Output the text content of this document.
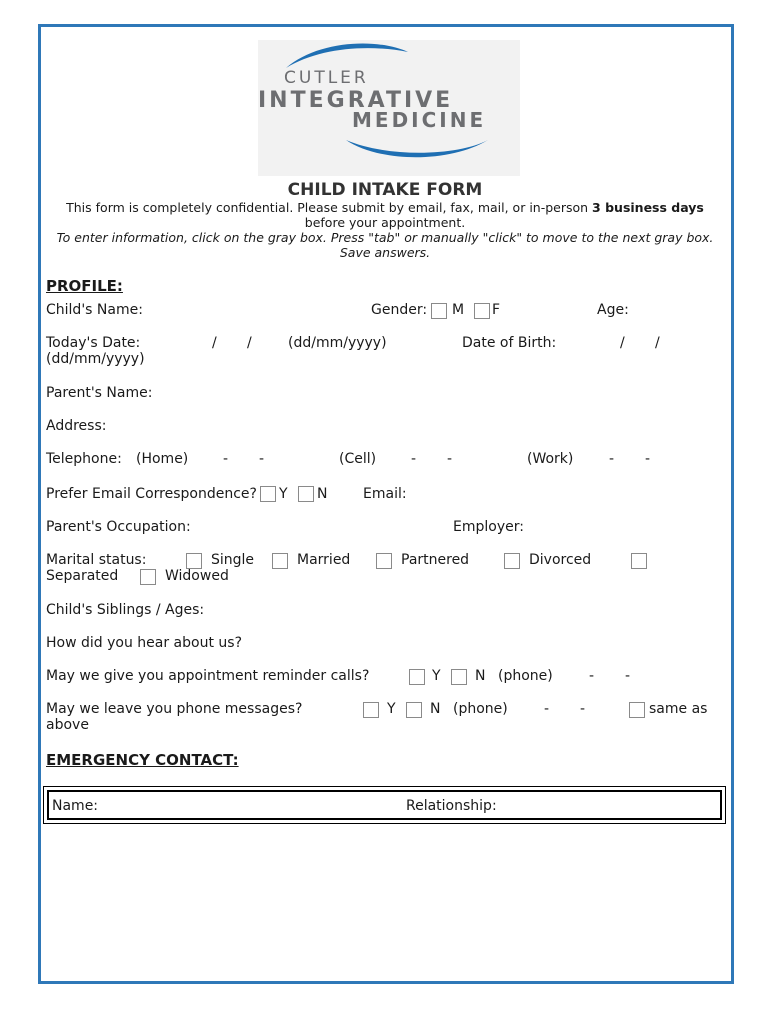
CUTLER
INTEGRATIVE
MEDICINE
CHILD INTAKE FORM
This form is completely confidential. Please submit by email, fax, mail, or in-person 3 business days
before your appointment.
To enter information, click on the gray box. Press "tab" or manually "click" to move to the next gray box. Save answers.
PROFILE:
Child's Name:	Gender: M F	Age:
Today's Date:	/ /	(dd/mm/yyyy)	Date of Birth:	/ /
(dd/mm/yyyy)
Parent's Name:
Address:
Telephone: (Home) - -	(Cell) - -	(Work)	- -
Prefer Email Correspondence? Y N	Email:
Parent's Occupation:	Employer:
Marital status:	Single	Married	Partnered	Divorced
Separated	Widowed
Child's Siblings / Ages:
How did you hear about us?
May we give you appointment reminder calls?	Y N (phone)	- -
May we leave you phone messages?	Y N (phone)	- -	same as
above
EMERGENCY CONTACT:
Name:	Relationship:
